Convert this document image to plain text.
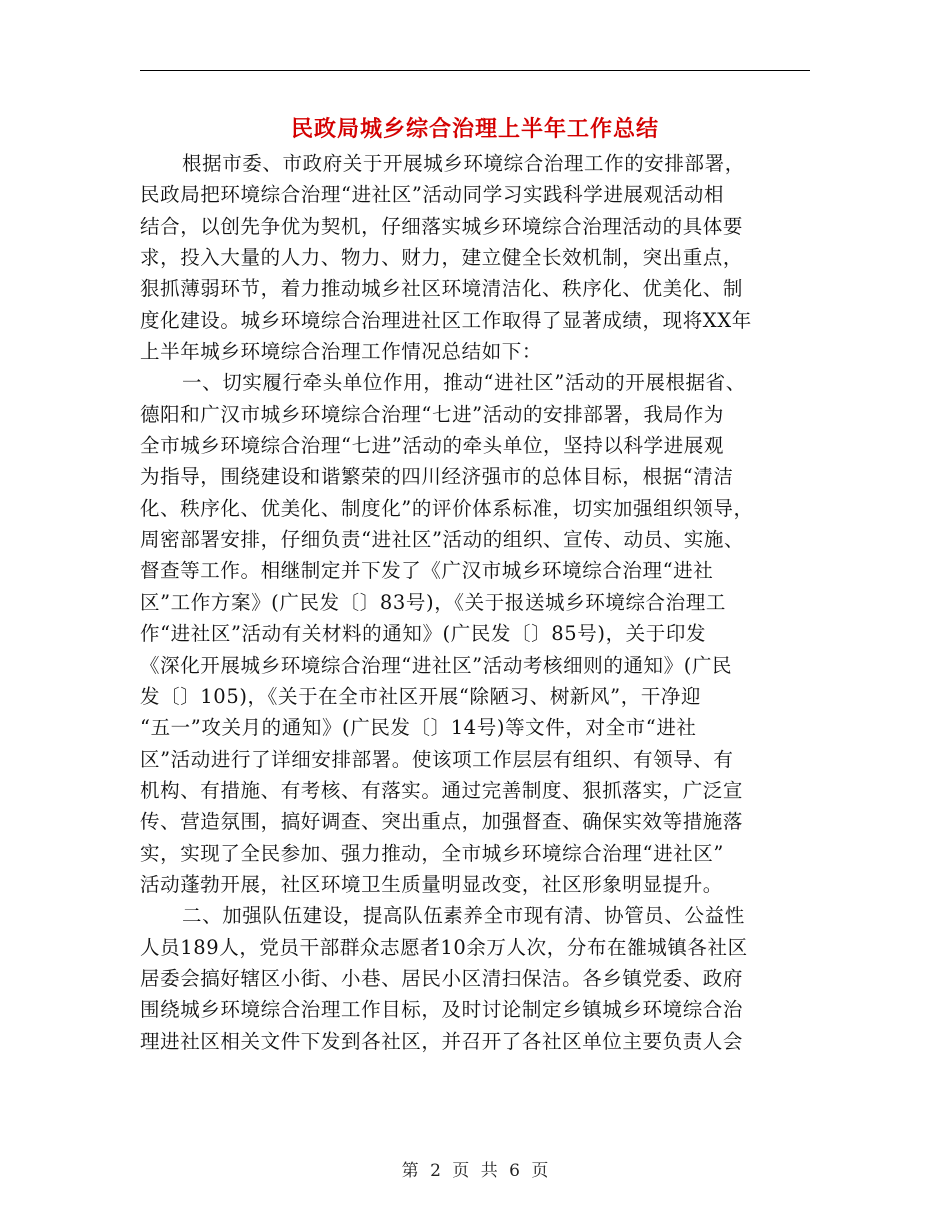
民政局城乡综合治理上半年工作总结
根据市委、市政府关于开展城乡环境综合治理工作的安排部署，
民政局把环境综合治理“进社区”活动同学习实践科学进展观活动相
结合，以创先争优为契机，仔细落实城乡环境综合治理活动的具体要
求，投入大量的人力、物力、财力，建立健全长效机制，突出重点，
狠抓薄弱环节，着力推动城乡社区环境清洁化、秩序化、优美化、制
度化建设。城乡环境综合治理进社区工作取得了显著成绩，现将XX年
上半年城乡环境综合治理工作情况总结如下：
一、切实履行牵头单位作用，推动“进社区”活动的开展根据省、
德阳和广汉市城乡环境综合治理“七进”活动的安排部署，我局作为
全市城乡环境综合治理“七进”活动的牵头单位，坚持以科学进展观
为指导，围绕建设和谐繁荣的四川经济强市的总体目标，根据“清洁
化、秩序化、优美化、制度化”的评价体系标准，切实加强组织领导，
周密部署安排，仔细负责“进社区”活动的组织、宣传、动员、实施、
督查等工作。相继制定并下发了《广汉市城乡环境综合治理“进社
区”工作方案》(广民发〔〕83号)，《关于报送城乡环境综合治理工
作“进社区”活动有关材料的通知》(广民发〔〕85号)，关于印发
《深化开展城乡环境综合治理“进社区”活动考核细则的通知》(广民
发〔〕105)，《关于在全市社区开展“除陋习、树新风”，干净迎
“五一”攻关月的通知》(广民发〔〕14号)等文件，对全市“进社
区”活动进行了详细安排部署。使该项工作层层有组织、有领导、有
机构、有措施、有考核、有落实。通过完善制度、狠抓落实，广泛宣
传、营造氛围，搞好调查、突出重点，加强督查、确保实效等措施落
实，实现了全民参加、强力推动，全市城乡环境综合治理“进社区”
活动蓬勃开展，社区环境卫生质量明显改变，社区形象明显提升。
二、加强队伍建设，提高队伍素养全市现有清、协管员、公益性
人员189人，党员干部群众志愿者10余万人次，分布在雒城镇各社区
居委会搞好辖区小街、小巷、居民小区清扫保洁。各乡镇党委、政府
围绕城乡环境综合治理工作目标，及时讨论制定乡镇城乡环境综合治
理进社区相关文件下发到各社区，并召开了各社区单位主要负责人会
第 2 页 共 6 页
